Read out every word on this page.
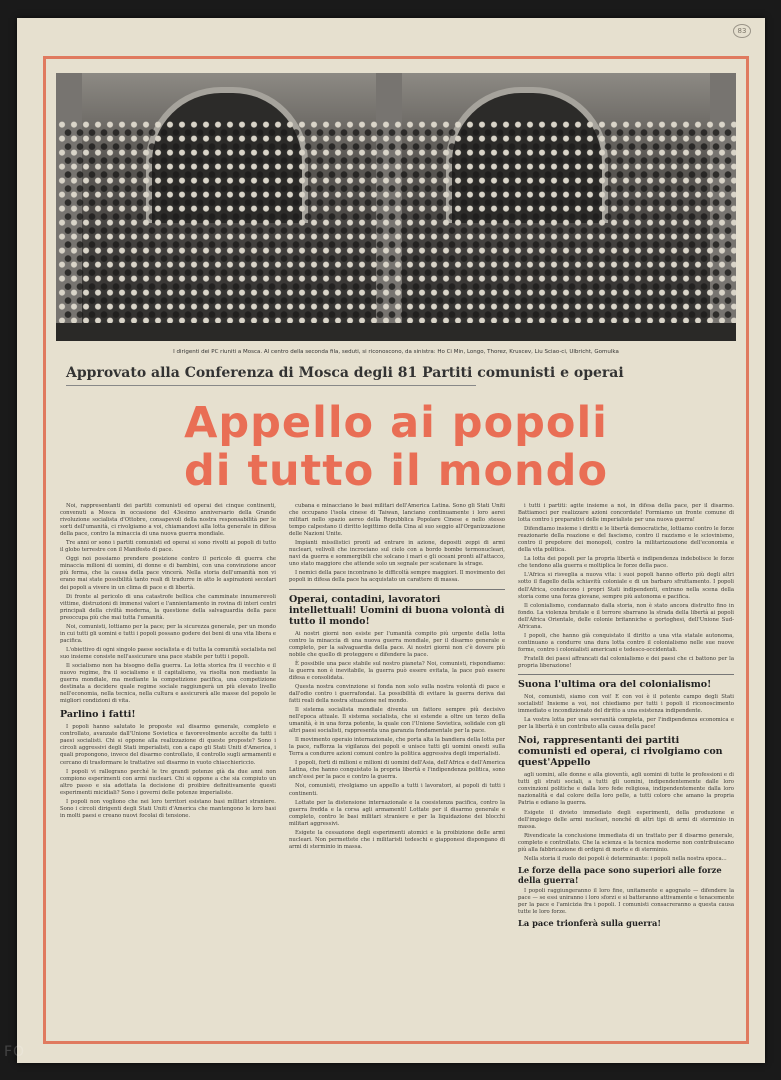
83
I dirigenti dei PC riuniti a Mosca. Al centro della seconda fila, seduti, si riconoscono, da sinistra: Ho Ci Min, Longo, Thorez, Kruscev, Liu Sciao-ci, Ulbricht, Gomulka
Approvato alla Conferenza di Mosca degli 81 Partiti comunisti e operai
Appello ai popoli
di tutto il mondo

Noi, rappresentanti dei partiti comunisti ed operai dei cinque continenti, convenuti a Mosca in occasione del 43esimo anniversario della Grande rivoluzione socialista d'Ottobre, consapevoli della nostra responsabilità per le sorti dell'umanità, ci rivolgiamo a voi, chiamandovi alla lotta generale in difesa della pace, contro la minaccia di una nuova guerra mondiale.

Tre anni or sono i partiti comunisti ed operai si sono rivolti ai popoli di tutto il globo terrestre con il Manifesto di pace.

Oggi noi possiamo prendere posizione contro il pericolo di guerra che minaccia milioni di uomini, di donne e di bambini, con una convinzione ancor più ferma, che la causa della pace vincerà. Nella storia dell'umanità non vi erano mai state possibilità tanto reali di tradurre in atto le aspirazioni secolari dei popoli a vivere in un clima di pace e di libertà.

Di fronte al pericolo di una catastrofe bellica che camminate innumerevoli vittime, distruzioni di immensi valori e l'annientamento in rovina di interi centri principali della civiltà moderna, la questione della salvaguardia della pace preoccupa più che mai tutta l'umanità.

Noi, comunisti, lottiamo per la pace; per la sicurezza generale, per un mondo in cui tutti gli uomini e tutti i popoli possano godere dei beni di una vita libera e pacifica.

L'obiettivo di ogni singolo paese socialista e di tutta la comunità socialista nel suo insieme consiste nell'assicurare una pace stabile per tutti i popoli.

Il socialismo non ha bisogno della guerra. La lotta storica fra il vecchio e il nuovo regime, fra il socialismo e il capitalismo, va risolta non mediante la guerra mondiale, ma mediante la competizione pacifica, una competizione destinata a decidere quale regime sociale raggiungerà un più elevato livello nell'economia, nella tecnica, nella cultura e assicurerà alle masse del popolo le migliori condizioni di vita.

Parlino i fatti!

I popoli hanno salutato le proposte sul disarmo generale, completo e controllato, avanzate dall'Unione Sovietica e favorevolmente accolte da tutti i paesi socialisti. Chi si oppone alla realizzazione di queste proposte? Sono i circoli aggressivi degli Stati imperialisti, con a capo gli Stati Uniti d'America, i quali propongono, invece del disarmo controllato, il controllo sugli armamenti e cercano di trasformare le trattative sul disarmo in vuoto chiacchiericcio.

I popoli vi rallegrano perché le tre grandi potenze già da due anni non compiono esperimenti con armi nucleari. Chi si oppone a che sia compiuto un altro passo e sia adottata la decisione di proibire definitivamente questi esperimenti micidiali? Sono i governi delle potenze imperialiste.

I popoli non vogliono che nei loro territori esistano basi militari straniere. Sono i circoli dirigenti degli Stati Uniti d'America che mantengono le loro basi in molti paesi e creano nuovi focolai di tensione.

cubana e minacciano le basi militari dell'America Latina. Sono gli Stati Uniti che occupano l'isola cinese di Taiwan, lanciano continuamente i loro aerei militari nello spazio aereo della Repubblica Popolare Cinese e nello stesso tempo calpestano il diritto legittimo della Cina al suo seggio all'Organizzazione delle Nazioni Unite.

Impianti missilistici pronti ad entrare in azione, depositi zeppi di armi nucleari, velivoli che incrociano sul cielo con a bordo bombe termonucleari, navi da guerra e sommergibili che solcano i mari e gli oceani pronti all'attacco, uno stato maggiore che attende solo un segnale per scatenare la strage.

I nemici della pace incontrano le difficoltà sempre maggiori. Il movimento dei popoli in difesa della pace ha acquistato un carattere di massa.

Operai, contadini, lavoratori intellettuali! Uomini di buona volontà di tutto il mondo!

Ai nostri giorni non esiste per l'umanità compito più urgente della lotta contro la minaccia di una nuova guerra mondiale, per il disarmo generale e completo, per la salvaguardia della pace. Ai nostri giorni non c'è dovere più nobile che quello di proteggere e difendere la pace.

È possibile una pace stabile sul nostro pianeta? Noi, comunisti, rispondiamo: la guerra non è inevitabile, la guerra può essere evitata, la pace può essere difesa e consolidata.

Questa nostra convinzione si fonda non solo sulla nostra volontà di pace e dall'odio contro i guerrafondai. La possibilità di evitare la guerra deriva dai fatti reali della nostra situazione nel mondo.

Il sistema socialista mondiale diventa un fattore sempre più decisivo nell'epoca attuale. Il sistema socialista, che si estende a oltre un terzo della umanità, è in una forza potente, la quale con l'Unione Sovietica, solidale con gli altri paesi socialisti, rappresenta una garanzia fondamentale per la pace.

Il movimento operaio internazionale, che porta alta la bandiera della lotta per la pace, rafforza la vigilanza dei popoli e unisce tutti gli uomini onesti sulla Terra a condurre azioni comuni contro la politica aggressiva degli imperialisti.

I popoli, forti di milioni e milioni di uomini dell'Asia, dell'Africa e dell'America Latina, che hanno conquistato la propria libertà e l'indipendenza politica, sono anch'essi per la pace e contro la guerra.

Noi, comunisti, rivolgiamo un appello a tutti i lavoratori, ai popoli di tutti i continenti.

Lottate per la distensione internazionale e la coesistenza pacifica, contro la guerra fredda e la corsa agli armamenti! Lottate per il disarmo generale e completo, contro le basi militari straniere e per la liquidazione dei blocchi militari aggressivi.

Esigete la cessazione degli esperimenti atomici e la proibizione delle armi nucleari. Non permettete che i militaristi tedeschi e giapponesi dispongano di armi di sterminio in massa.

i tutti i partiti: agite insieme a noi, in difesa della pace, per il disarmo. Battiamoci per realizzare azioni concordate! Formiamo un fronte comune di lotta contro i preparativi delle imperialiste per una nuova guerra!

Difendiamo insieme i diritti e le libertà democratiche, lottiamo contro le forze reazionarie della reazione e del fascismo, contro il razzismo e le sciovinismo, contro il prepotere dei monopoli, contro la militarizzazione dell'economia e della vita politica.

La lotta dei popoli per la propria libertà e indipendenza indebolisce le forze che tendono alla guerra e moltiplica le forze della pace.

L'Africa si risveglia a nuova vita: i suoi popoli hanno offerto più degli altri sotto il flagello della schiavitù coloniale e di un barbaro sfruttamento. I popoli dell'Africa, conducono i propri Stati indipendenti, entrano nella scena della storia come una forza giovane, sempre più autonoma e pacifica.

Il colonialismo, condannato dalla storia, non è stato ancora distrutto fino in fondo. La violenza brutale e il terrore sbarrano la strada della libertà ai popoli dell'Africa Orientale, delle colonie britanniche e portoghesi, dell'Unione Sud-Africana.

I popoli, che hanno già conquistato il diritto a una vita statale autonoma, continuano a condurre una dura lotta contro il colonialismo nelle sue nuove forme, contro i colonialisti americani e tedesco-occidentali.

Fratelli dei paesi affrancati dal colonialismo e dei paesi che ci battono per la propria liberazione!

Suona l'ultima ora del colonialismo!

Noi, comunisti, siamo con voi! E con voi è il potente campo degli Stati socialisti! Insieme a voi, noi chiediamo per tutti i popoli il riconoscimento immediato e incondizionato del diritto a una esistenza indipendente.

La vostra lotta per una sovranità completa, per l'indipendenza economica e per la libertà è un contributo alla causa della pace!

Noi, rappresentanti dei partiti comunisti ed operai, ci rivolgiamo con quest'Appello

agli uomini, alle donne e alla gioventù, agli uomini di tutte le professioni e di tutti gli strati sociali, a tutti gli uomini, indipendentemente dalle loro convinzioni politiche e dalla loro fede religiosa, indipendentemente dalla loro nazionalità e dal colore della loro pelle, a tutti coloro che amano la propria Patria e odiano la guerra.

Esigete il divieto immediato degli esperimenti, della produzione e dell'impiego delle armi nucleari, nonché di altri tipi di armi di sterminio in massa.

Rivendicate la conclusione immediata di un trattato per il disarmo generale, completo e controllato. Che la scienza e la tecnica moderne non contribuiscano più alla fabbricazione di ordigni di morte e di sterminio.

Nella storia il ruolo dei popoli è determinante: i popoli nella nostra epoca...

Le forze della pace sono superiori alle forze della guerra!

I popoli raggiungeranno il loro fine, unitamente e agognato — difendere la pace — se essi uniranno i loro sforzi e si batteranno attivamente e tenacemente per la pace e l'amicizia fra i popoli. I comunisti consacreranno a questa causa tutte le loro forze.

La pace trionferà sulla guerra!

FO
